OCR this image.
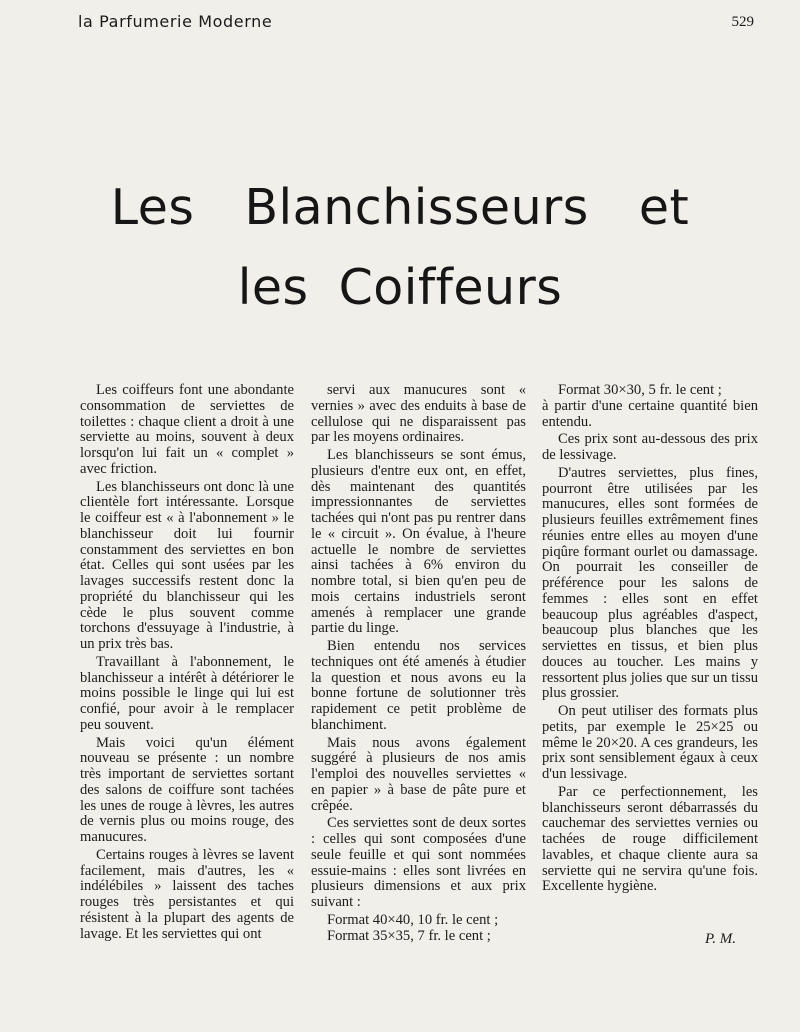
la Parfumerie Moderne	529
Les Blanchisseurs et
les Coiffeurs

Les coiffeurs font une abondante consommation de serviettes de toilettes : chaque client a droit à une serviette au moins, souvent à deux lorsqu'on lui fait un « complet » avec friction.

Les blanchisseurs ont donc là une clientèle fort intéressante. Lorsque le coiffeur est « à l'abonnement » le blanchisseur doit lui fournir constamment des serviettes en bon état. Celles qui sont usées par les lavages successifs restent donc la propriété du blanchisseur qui les cède le plus souvent comme torchons d'essuyage à l'industrie, à un prix très bas.

Travaillant à l'abonnement, le blanchisseur a intérêt à détériorer le moins possible le linge qui lui est confié, pour avoir à le remplacer peu souvent.

Mais voici qu'un élément nouveau se présente : un nombre très important de serviettes sortant des salons de coiffure sont tachées les unes de rouge à lèvres, les autres de vernis plus ou moins rouge, des manucures.

Certains rouges à lèvres se lavent facilement, mais d'autres, les « indélébiles » laissent des taches rouges très persistantes et qui résistent à la plupart des agents de lavage. Et les serviettes qui ont

servi aux manucures sont « vernies » avec des enduits à base de cellulose qui ne disparaissent pas par les moyens ordinaires.

Les blanchisseurs se sont émus, plusieurs d'entre eux ont, en effet, dès maintenant des quantités impressionnantes de serviettes tachées qui n'ont pas pu rentrer dans le « circuit ». On évalue, à l'heure actuelle le nombre de serviettes ainsi tachées à 6% environ du nombre total, si bien qu'en peu de mois certains industriels seront amenés à remplacer une grande partie du linge.

Bien entendu nos services techniques ont été amenés à étudier la question et nous avons eu la bonne fortune de solutionner très rapidement ce petit problème de blanchiment.

Mais nous avons également suggéré à plusieurs de nos amis l'emploi des nouvelles serviettes « en papier » à base de pâte pure et crêpée.

Ces serviettes sont de deux sortes : celles qui sont composées d'une seule feuille et qui sont nommées essuie-mains : elles sont livrées en plusieurs dimensions et aux prix suivant :

Format 40×40, 10 fr. le cent ;

Format 35×35, 7 fr. le cent ;

Format 30×30, 5 fr. le cent ;

à partir d'une certaine quantité bien entendu.

Ces prix sont au-dessous des prix de lessivage.

D'autres serviettes, plus fines, pourront être utilisées par les manucures, elles sont formées de plusieurs feuilles extrêmement fines réunies entre elles au moyen d'une piqûre formant ourlet ou damassage. On pourrait les conseiller de préférence pour les salons de femmes : elles sont en effet beaucoup plus agréables d'aspect, beaucoup plus blanches que les serviettes en tissus, et bien plus douces au toucher. Les mains y ressortent plus jolies que sur un tissu plus grossier.

On peut utiliser des formats plus petits, par exemple le 25×25 ou même le 20×20. A ces grandeurs, les prix sont sensiblement égaux à ceux d'un lessivage.

Par ce perfectionnement, les blanchisseurs seront débarrassés du cauchemar des serviettes vernies ou tachées de rouge difficilement lavables, et chaque cliente aura sa serviette qui ne servira qu'une fois. Excellente hygiène.

P. M.
